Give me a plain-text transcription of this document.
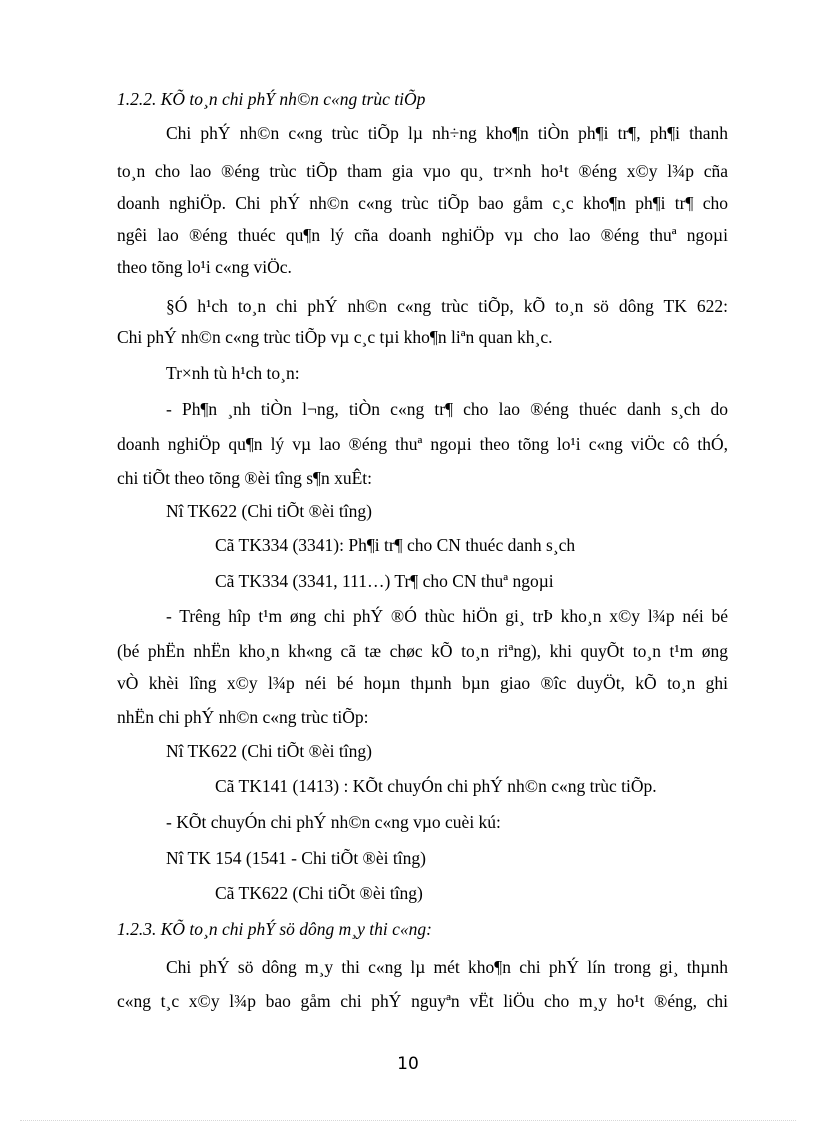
1.2.2. KÕ to¸n chi phÝ nh©n c«ng trùc tiÕp
Chi phÝ nh©n c«ng trùc tiÕp lµ nh÷ng kho¶n tiÒn ph¶i tr¶, ph¶i thanh
to¸n cho lao ®éng trùc tiÕp tham gia vµo qu¸ tr×nh ho¹t ®éng x©y l¾p cña
doanh nghiÖp. Chi phÝ nh©n c«ng trùc tiÕp bao gåm c¸c kho¶n ph¶i tr¶ cho
ngêi lao ®éng thuéc qu¶n lý cña doanh nghiÖp vµ cho lao ®éng thuª ngoµi
theo tõng lo¹i c«ng viÖc.
§Ó h¹ch to¸n chi phÝ nh©n c«ng trùc tiÕp, kÕ to¸n sö dông TK 622:
Chi phÝ nh©n c«ng trùc tiÕp vµ c¸c tµi kho¶n liªn quan kh¸c.
Tr×nh tù h¹ch to¸n:
- Ph¶n ¸nh tiÒn l¬ng, tiÒn c«ng tr¶ cho lao ®éng thuéc danh s¸ch do
doanh nghiÖp qu¶n lý vµ lao ®éng thuª ngoµi theo tõng lo¹i c«ng viÖc cô thÓ,
chi tiÕt theo tõng ®èi tîng s¶n xuÊt:
Nî TK622 (Chi tiÕt ®èi tîng)
Cã TK334 (3341): Ph¶i tr¶ cho CN thuéc danh s¸ch
Cã TK334 (3341, 111…) Tr¶ cho CN thuª ngoµi
- Trêng hîp t¹m øng chi phÝ ®Ó thùc hiÖn gi¸ trÞ kho¸n x©y l¾p néi bé
(bé phËn nhËn kho¸n kh«ng cã tæ chøc kÕ to¸n riªng), khi quyÕt to¸n t¹m øng
vÒ khèi lîng x©y l¾p néi bé hoµn thµnh bµn giao ®îc duyÖt, kÕ to¸n ghi
nhËn chi phÝ nh©n c«ng trùc tiÕp:
Nî TK622 (Chi tiÕt ®èi tîng)
Cã TK141 (1413) : KÕt chuyÓn chi phÝ nh©n c«ng trùc tiÕp.
- KÕt chuyÓn chi phÝ nh©n c«ng vµo cuèi kú:
Nî TK 154 (1541 - Chi tiÕt ®èi tîng)
Cã TK622 (Chi tiÕt ®èi tîng)
1.2.3. KÕ to¸n chi phÝ sö dông m¸y thi c«ng:
Chi phÝ sö dông m¸y thi c«ng lµ mét kho¶n chi phÝ lín trong gi¸ thµnh
c«ng t¸c x©y l¾p bao gåm chi phÝ nguyªn vËt liÖu cho m¸y ho¹t ®éng, chi
10
